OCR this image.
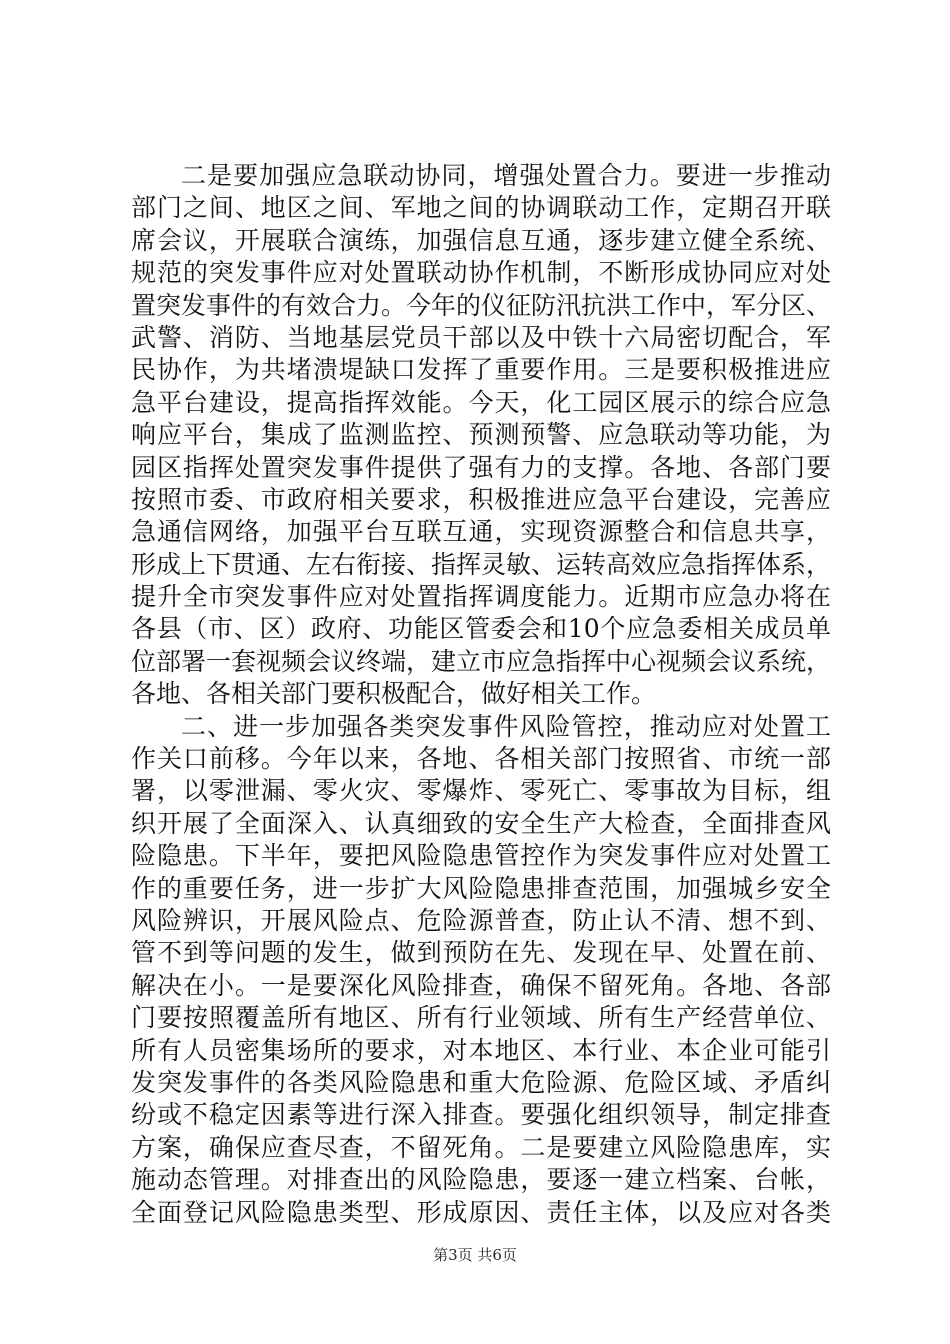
二是要加强应急联动协同，增强处置合力。要进一步推动
部门之间、地区之间、军地之间的协调联动工作，定期召开联
席会议，开展联合演练，加强信息互通，逐步建立健全系统、
规范的突发事件应对处置联动协作机制，不断形成协同应对处
置突发事件的有效合力。今年的仪征防汛抗洪工作中，军分区、
武警、消防、当地基层党员干部以及中铁十六局密切配合，军
民协作，为共堵溃堤缺口发挥了重要作用。三是要积极推进应
急平台建设，提高指挥效能。今天，化工园区展示的综合应急
响应平台，集成了监测监控、预测预警、应急联动等功能，为
园区指挥处置突发事件提供了强有力的支撑。各地、各部门要
按照市委、市政府相关要求，积极推进应急平台建设，完善应
急通信网络，加强平台互联互通，实现资源整合和信息共享，
形成上下贯通、左右衔接、指挥灵敏、运转高效应急指挥体系，
提升全市突发事件应对处置指挥调度能力。近期市应急办将在
各县（市、区）政府、功能区管委会和10个应急委相关成员单
位部署一套视频会议终端，建立市应急指挥中心视频会议系统，
各地、各相关部门要积极配合，做好相关工作。
二、进一步加强各类突发事件风险管控，推动应对处置工
作关口前移。今年以来，各地、各相关部门按照省、市统一部
署，以零泄漏、零火灾、零爆炸、零死亡、零事故为目标，组
织开展了全面深入、认真细致的安全生产大检查，全面排查风
险隐患。下半年，要把风险隐患管控作为突发事件应对处置工
作的重要任务，进一步扩大风险隐患排查范围，加强城乡安全
风险辨识，开展风险点、危险源普查，防止认不清、想不到、
管不到等问题的发生，做到预防在先、发现在早、处置在前、
解决在小。一是要深化风险排查，确保不留死角。各地、各部
门要按照覆盖所有地区、所有行业领域、所有生产经营单位、
所有人员密集场所的要求，对本地区、本行业、本企业可能引
发突发事件的各类风险隐患和重大危险源、危险区域、矛盾纠
纷或不稳定因素等进行深入排查。要强化组织领导，制定排查
方案，确保应查尽查，不留死角。二是要建立风险隐患库，实
施动态管理。对排查出的风险隐患，要逐一建立档案、台帐，
全面登记风险隐患类型、形成原因、责任主体，以及应对各类
第3页 共6页
